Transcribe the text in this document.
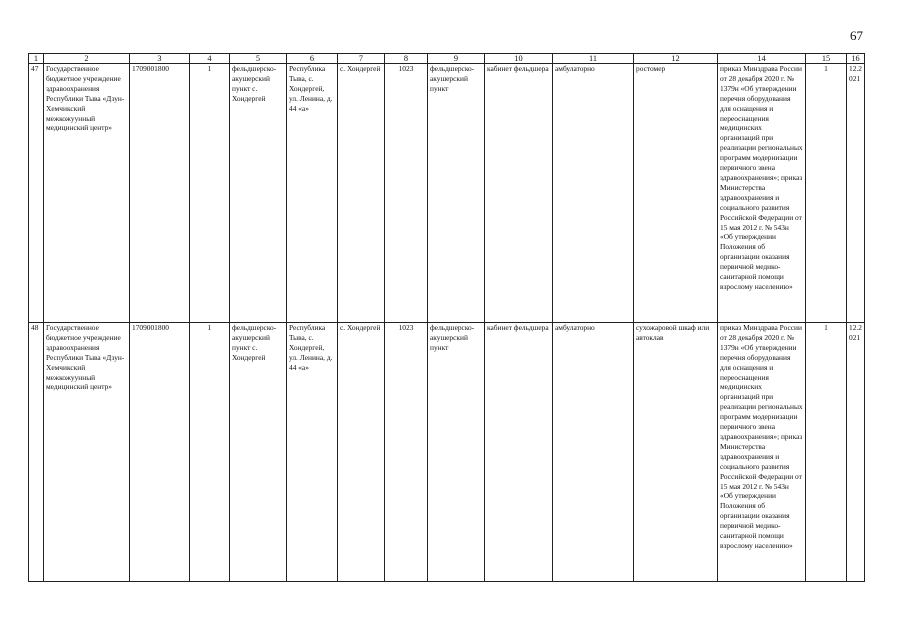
67
1	2	3	4	5	6	7	8	9	10	11	12	14	15	16
47	Государственное бюджетное учреждение здравоохранения Республики Тыва «Дзун-Хемчикский межкожуунный медицинский центр»	1709001800	1	фельдшерско-акушерский пункт с. Хондергей	Республика Тыва, с. Хондергей, ул. Ленина, д. 44 «а»	с. Хондергей	1023	фельдшерско-акушерский пункт	кабинет фельдшера	амбулаторно	ростомер	приказ Минздрава России от 28 декабря 2020 г. № 1379н «Об утверждении перечня оборудования для оснащения и переоснащения медицинских организаций при реализации региональных программ модернизации первичного звена здравоохранения»; приказ Министерства здравоохранения и социального развития Российской Федерации от 15 мая 2012 г. № 543н «Об утверждении Положения об организации оказания первичной медико-санитарной помощи взрослому населению»	1	12.2021
48	Государственное бюджетное учреждение здравоохранения Республики Тыва «Дзун-Хемчикский межкожуунный медицинский центр»	1709001800	1	фельдшерско-акушерский пункт с. Хондергей	Республика Тыва, с. Хондергей, ул. Ленина, д. 44 «а»	с. Хондергей	1023	фельдшерско-акушерский пункт	кабинет фельдшера	амбулаторно	сухожаровой шкаф или автоклав	приказ Минздрава России от 28 декабря 2020 г. № 1379н «Об утверждении перечня оборудования для оснащения и переоснащения медицинских организаций при реализации региональных программ модернизации первичного звена здравоохранения»; приказ Министерства здравоохранения и социального развития Российской Федерации от 15 мая 2012 г. № 543н «Об утверждении Положения об организации оказания первичной медико-санитарной помощи взрослому населению»	1	12.2021
